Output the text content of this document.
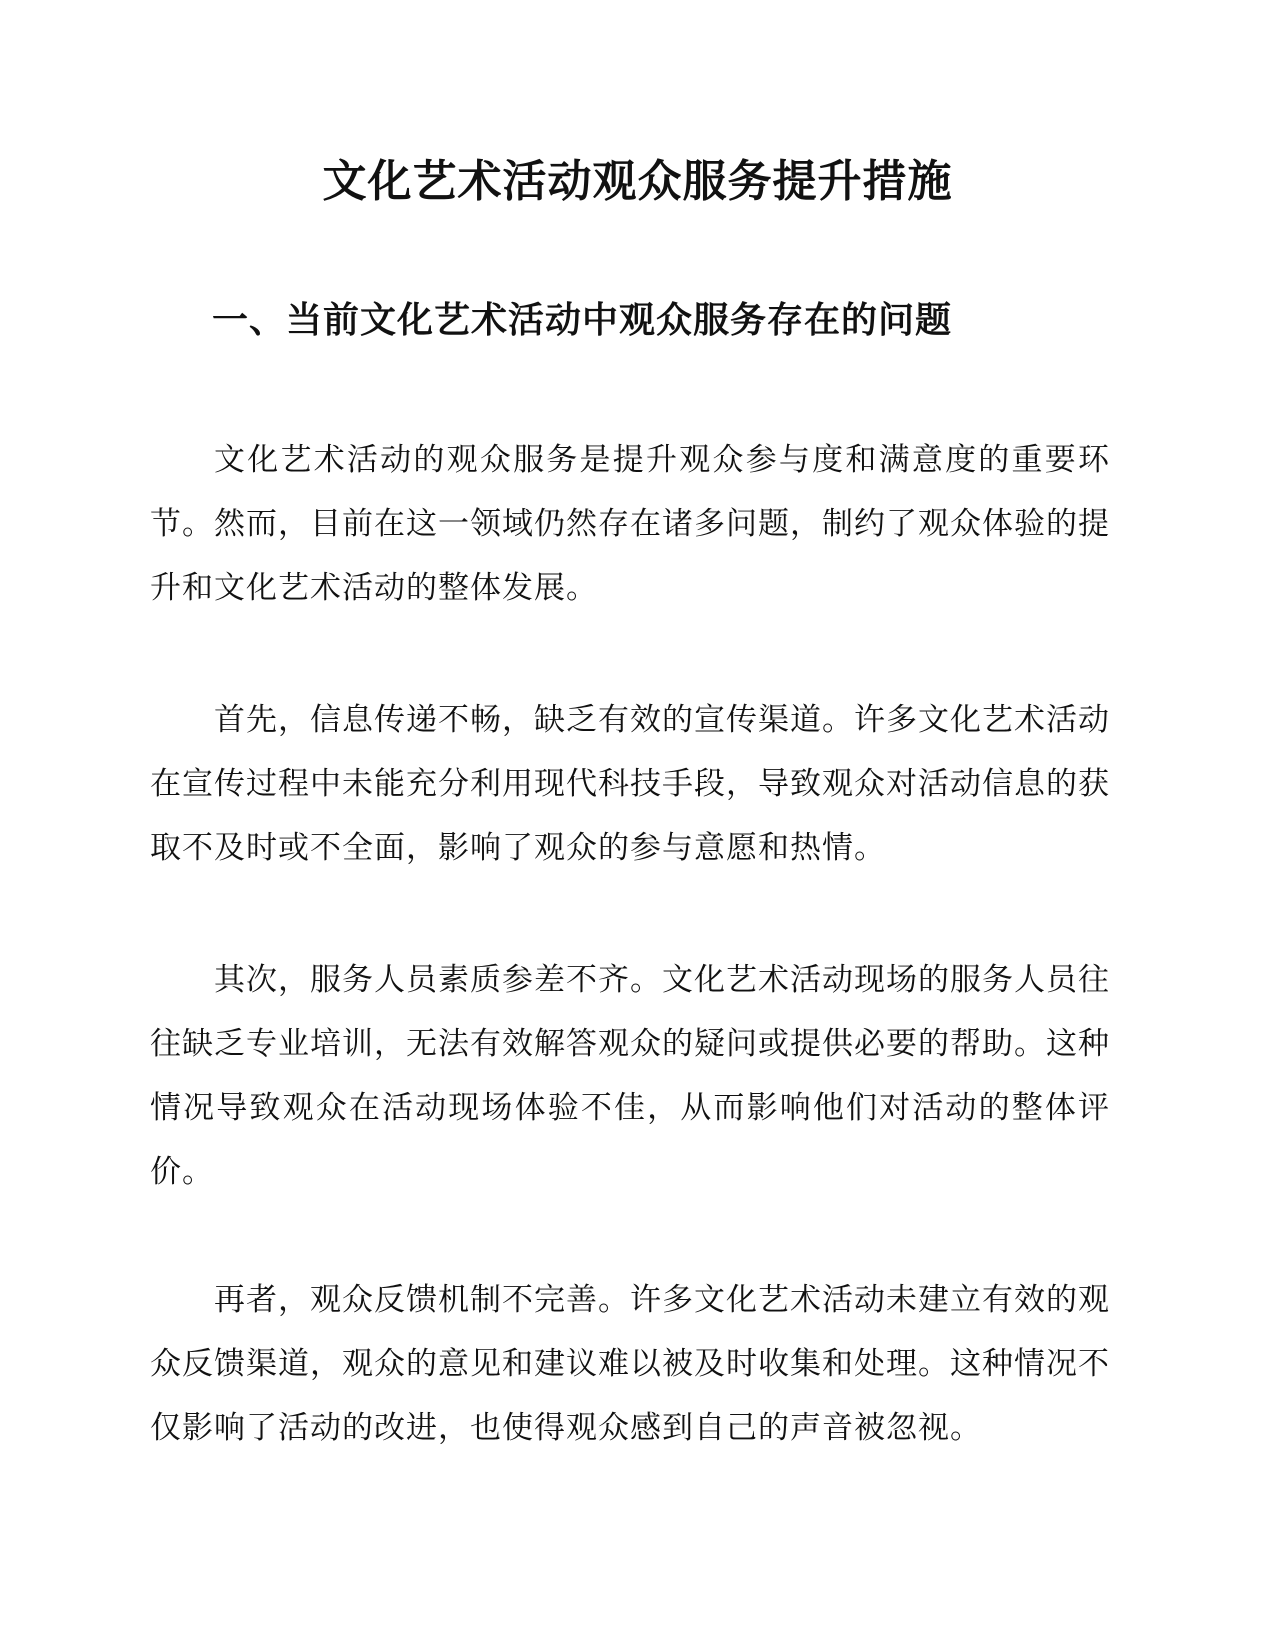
文化艺术活动观众服务提升措施
一、当前文化艺术活动中观众服务存在的问题

文化艺术活动的观众服务是提升观众参与度和满意度的重要环节。然而，目前在这一领域仍然存在诸多问题，制约了观众体验的提升和文化艺术活动的整体发展。

首先，信息传递不畅，缺乏有效的宣传渠道。许多文化艺术活动在宣传过程中未能充分利用现代科技手段，导致观众对活动信息的获取不及时或不全面，影响了观众的参与意愿和热情。

其次，服务人员素质参差不齐。文化艺术活动现场的服务人员往往缺乏专业培训，无法有效解答观众的疑问或提供必要的帮助。这种情况导致观众在活动现场体验不佳，从而影响他们对活动的整体评价。

再者，观众反馈机制不完善。许多文化艺术活动未建立有效的观众反馈渠道，观众的意见和建议难以被及时收集和处理。这种情况不仅影响了活动的改进，也使得观众感到自己的声音被忽视。
